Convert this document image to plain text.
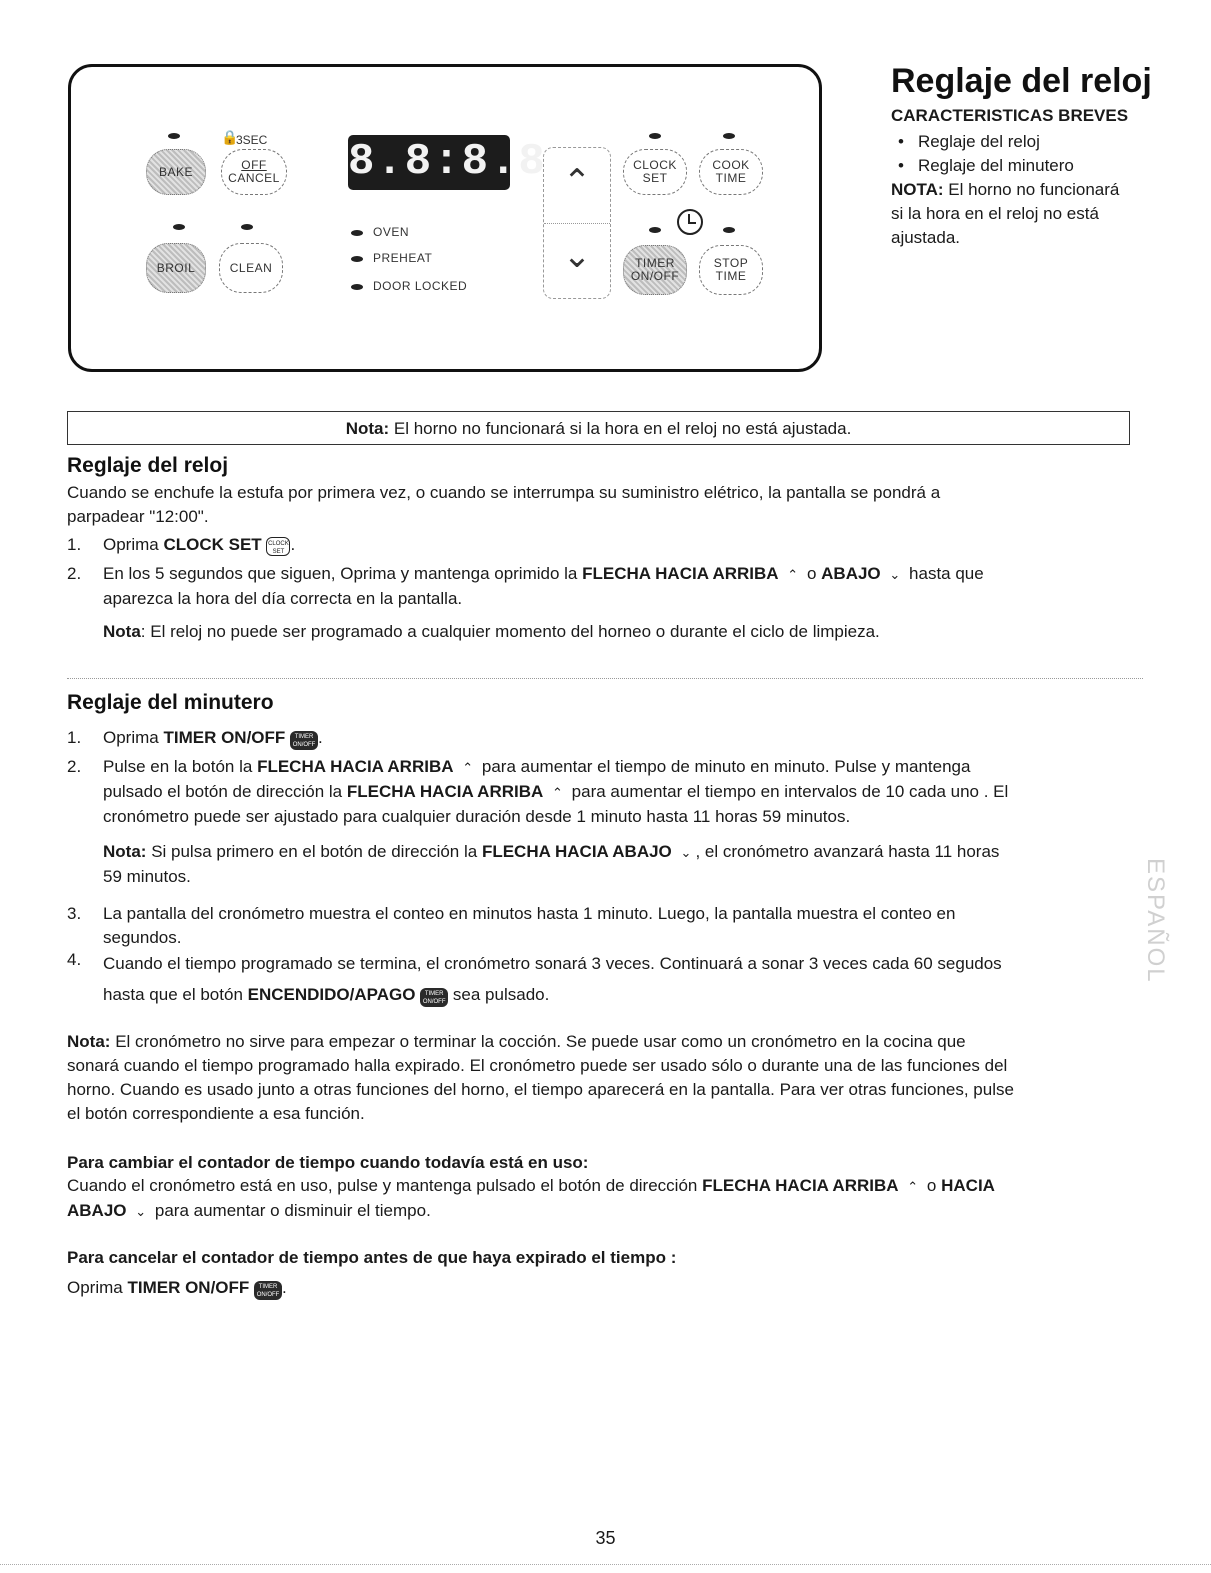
BAKE
🔒
3SEC
OFF
CANCEL
BROIL	CLEAN
8.8:8.8
OVEN
PREHEAT
DOOR LOCKED
⌃
⌄
CLOCK
SET
COOK
TIME
TIMER
ON/OFF
STOP
TIME
Reglaje del reloj
CARACTERISTICAS BREVES
• Reglaje del reloj
• Reglaje del minutero
NOTA: El horno no funcionará si la hora en el reloj no está ajustada.
Nota: El horno no funcionará si la hora en el reloj no está ajustada.
Reglaje del reloj

Cuando se enchufe la estufa por primera vez, o cuando se interrumpa su suministro elétrico, la pantalla se pondrá a

parpadear "12:00".

1. Oprima CLOCK SET CLOCK SET .
2. En los 5 segundos que siguen, Oprima y mantenga oprimido la FLECHA HACIA ARRIBA ⌃ o ABAJO ⌄ hasta que
aparezca la hora del día correcta en la pantalla.
Nota: El reloj no puede ser programado a cualquier momento del horneo o durante el ciclo de limpieza.
Reglaje del minutero
1. Oprima TIMER ON/OFF TIMER ON/OFF .
2. Pulse en la botón la FLECHA HACIA ARRIBA ⌃ para aumentar el tiempo de minuto en minuto. Pulse y mantenga
pulsado el botón de dirección la FLECHA HACIA ARRIBA ⌃ para aumentar el tiempo en intervalos de 10 cada uno . El
cronómetro puede ser ajustado para cualquier duración desde 1 minuto hasta 11 horas 59 minutos.
Nota: Si pulsa primero en el botón de dirección la FLECHA HACIA ABAJO ⌄ , el cronómetro avanzará hasta 11 horas
59 minutos.
3. La pantalla del cronómetro muestra el conteo en minutos hasta 1 minuto. Luego, la pantalla muestra el conteo en
segundos.
4. Cuando el tiempo programado se termina, el cronómetro sonará 3 veces. Continuará a sonar 3 veces cada 60 segudos
hasta que el botón ENCENDIDO/APAGO TIMER ON/OFF sea pulsado.
ESPAÑOL
Nota: El cronómetro no sirve para empezar o terminar la cocción. Se puede usar como un cronómetro en la cocina que
sonará cuando el tiempo programado halla expirado. El cronómetro puede ser usado sólo o durante una de las funciones del
horno. Cuando es usado junto a otras funciones del horno, el tiempo aparecerá en la pantalla. Para ver otras funciones, pulse
el botón correspondiente a esa función.

Para cambiar el contador de tiempo cuando todavía está en uso:

Cuando el cronómetro está en uso, pulse y mantenga pulsado el botón de dirección FLECHA HACIA ARRIBA ⌃ o HACIA
ABAJO ⌄ para aumentar o disminuir el tiempo.

Para cancelar el contador de tiempo antes de que haya expirado el tiempo :

Oprima TIMER ON/OFF TIMER ON/OFF .
35
